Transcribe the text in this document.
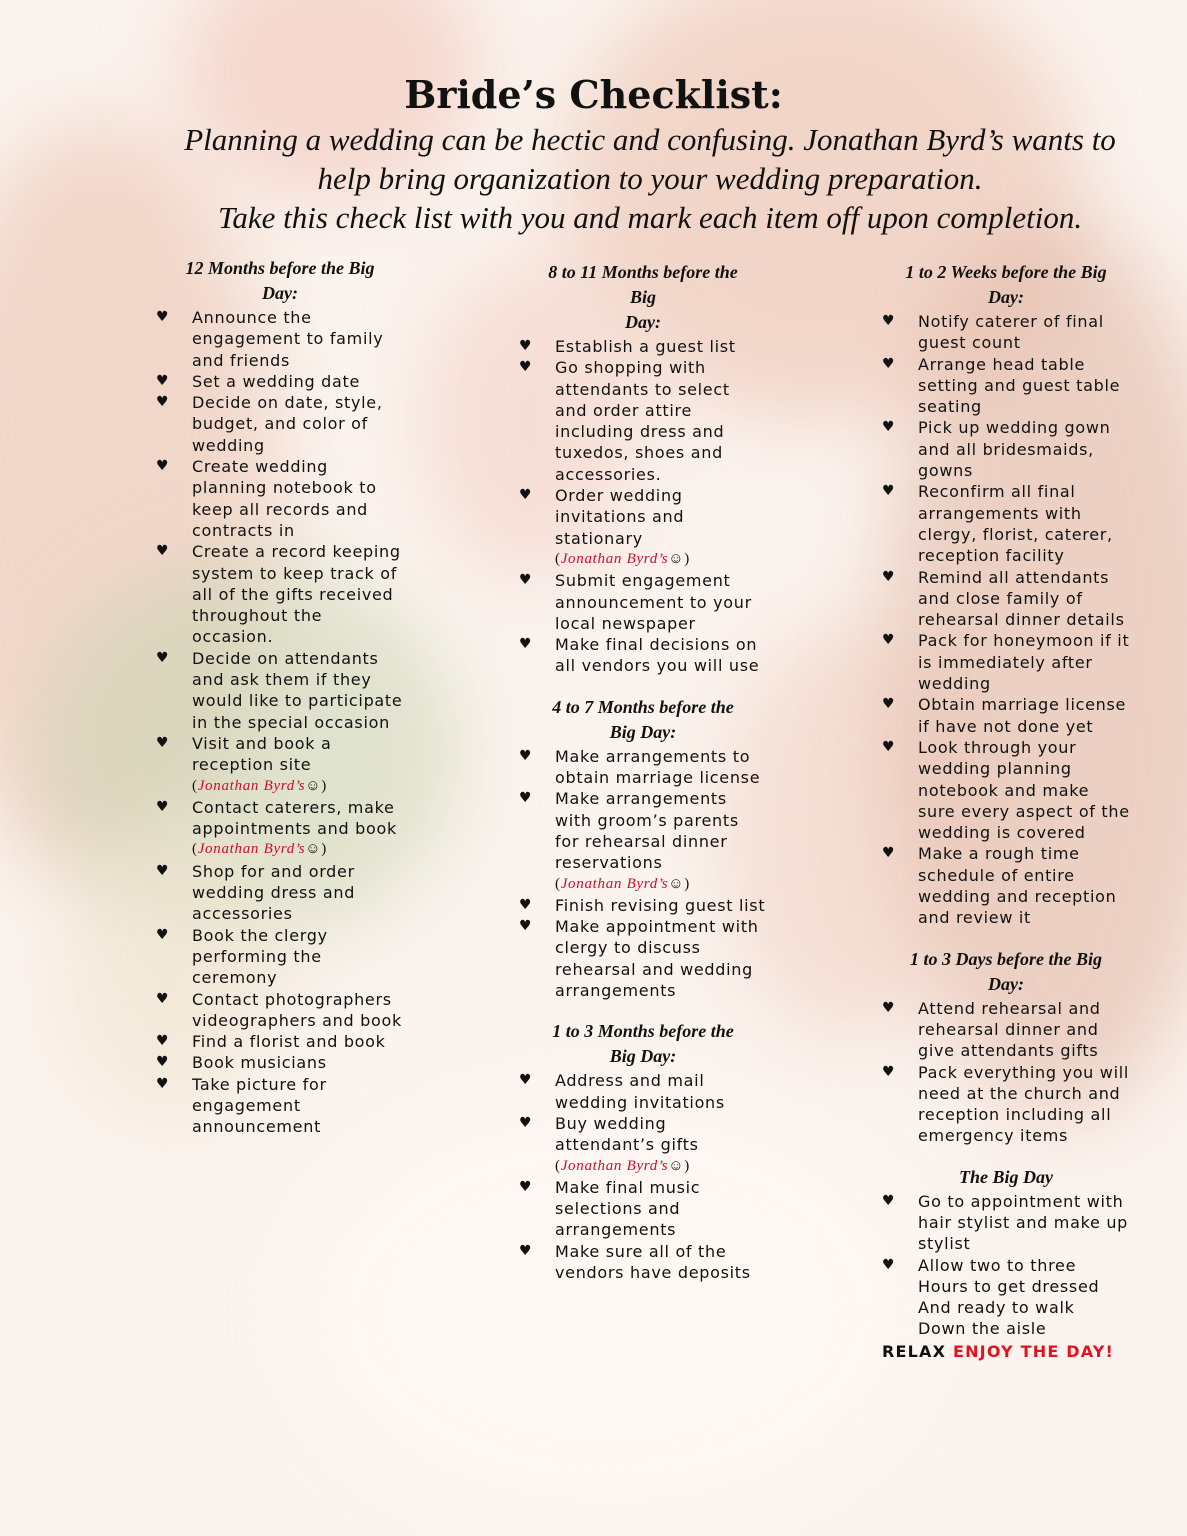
Bride’s Checklist:

Planning a wedding can be hectic and confusing. Jonathan Byrd’s wants to
help bring organization to your wedding preparation.
Take this check list with you and mark each item off upon completion.

12 Months before the Big
Day:
♥ Announce the engagement to family and friends
♥ Set a wedding date
♥ Decide on date, style, budget, and color of wedding
♥ Create wedding planning notebook to keep all records and contracts in
♥ Create a record keeping system to keep track of all of the gifts received throughout the occasion.
♥ Decide on attendants and ask them if they would like to participate in the special occasion
♥ Visit and book a reception site
(Jonathan Byrd’s☺)
♥ Contact caterers, make appointments and book
(Jonathan Byrd’s☺)
♥ Shop for and order wedding dress and accessories
♥ Book the clergy performing the ceremony
♥ Contact photographers videographers and book
♥ Find a florist and book
♥ Book musicians
♥ Take picture for engagement announcement
8 to 11 Months before the Big
Day:
♥ Establish a guest list
♥ Go shopping with attendants to select and order attire including dress and tuxedos, shoes and accessories.
♥ Order wedding invitations and stationary
(Jonathan Byrd’s☺)
♥ Submit engagement announcement to your local newspaper
♥ Make final decisions on all vendors you will use
4 to 7 Months before the
Big Day:
♥ Make arrangements to obtain marriage license
♥ Make arrangements with groom’s parents for rehearsal dinner reservations
(Jonathan Byrd’s☺)
♥ Finish revising guest list
♥ Make appointment with clergy to discuss rehearsal and wedding arrangements
1 to 3 Months before the
Big Day:
♥ Address and mail wedding invitations
♥ Buy wedding attendant’s gifts
(Jonathan Byrd’s☺)
♥ Make final music selections and arrangements
♥ Make sure all of the vendors have deposits
1 to 2 Weeks before the Big
Day:
♥ Notify caterer of final guest count
♥ Arrange head table setting and guest table seating
♥ Pick up wedding gown and all bridesmaids, gowns
♥ Reconfirm all final arrangements with clergy, florist, caterer, reception facility
♥ Remind all attendants and close family of rehearsal dinner details
♥ Pack for honeymoon if it is immediately after wedding
♥ Obtain marriage license if have not done yet
♥ Look through your wedding planning notebook and make sure every aspect of the wedding is covered
♥ Make a rough time schedule of entire wedding and reception and review it
1 to 3 Days before the Big
Day:
♥ Attend rehearsal and rehearsal dinner and give attendants gifts
♥ Pack everything you will need at the church and reception including all emergency items
The Big Day
♥ Go to appointment with hair stylist and make up stylist
♥ Allow two to three
Hours to get dressed
And ready to walk
Down the aisle
RELAX ENJOY THE DAY!
